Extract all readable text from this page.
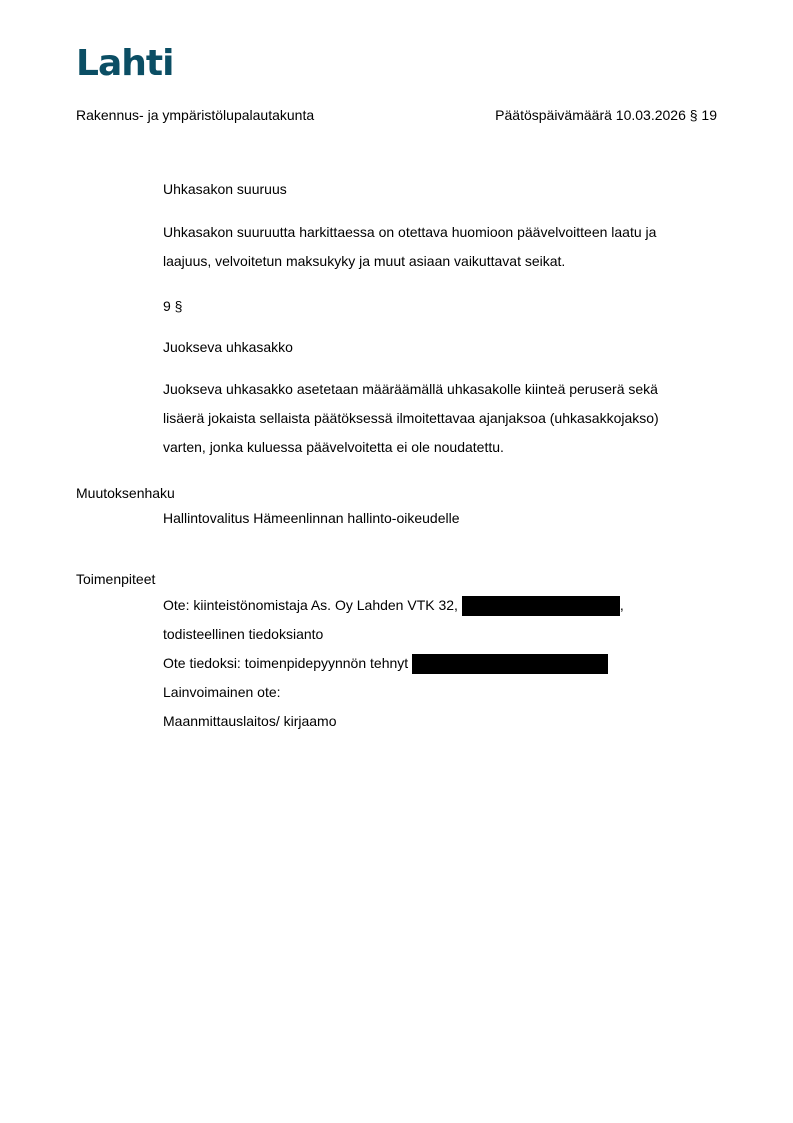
Lahti
Rakennus- ja ympäristölupalautakunta	Päätöspäivämäärä 10.03.2026 § 19
Uhkasakon suuruus
Uhkasakon suuruutta harkittaessa on otettava huomioon päävelvoitteen laatu ja
laajuus, velvoitetun maksukyky ja muut asiaan vaikuttavat seikat.
9 §
Juokseva uhkasakko
Juokseva uhkasakko asetetaan määräämällä uhkasakolle kiinteä peruserä sekä
lisäerä jokaista sellaista päätöksessä ilmoitettavaa ajanjaksoa (uhkasakkojakso)
varten, jonka kuluessa päävelvoitetta ei ole noudatettu.
Muutoksenhaku
Hallintovalitus Hämeenlinnan hallinto-oikeudelle
Toimenpiteet
Ote: kiinteistönomistaja As. Oy Lahden VTK 32,	,
todisteellinen tiedoksianto
Ote tiedoksi: toimenpidepyynnön tehnyt
Lainvoimainen ote:
Maanmittauslaitos/ kirjaamo
